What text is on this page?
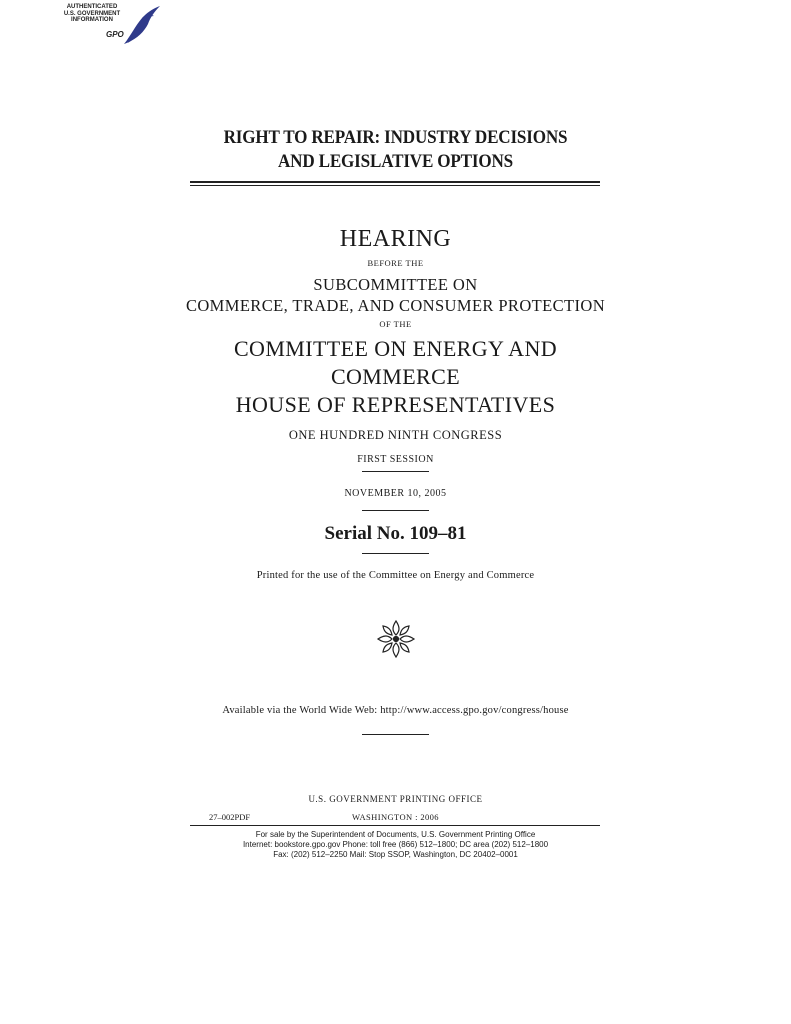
AUTHENTICATED
U.S. GOVERNMENT
INFORMATION
GPO
RIGHT TO REPAIR: INDUSTRY DECISIONS
AND LEGISLATIVE OPTIONS
HEARING
BEFORE THE
SUBCOMMITTEE ON
COMMERCE, TRADE, AND CONSUMER PROTECTION
OF THE
COMMITTEE ON ENERGY AND
COMMERCE
HOUSE OF REPRESENTATIVES
ONE HUNDRED NINTH CONGRESS
FIRST SESSION
NOVEMBER 10, 2005
Serial No. 109–81
Printed for the use of the Committee on Energy and Commerce
Available via the World Wide Web: http://www.access.gpo.gov/congress/house
U.S. GOVERNMENT PRINTING OFFICE
27–002PDF	WASHINGTON : 2006
For sale by the Superintendent of Documents, U.S. Government Printing Office
Internet: bookstore.gpo.gov Phone: toll free (866) 512–1800; DC area (202) 512–1800
Fax: (202) 512–2250 Mail: Stop SSOP, Washington, DC 20402–0001
